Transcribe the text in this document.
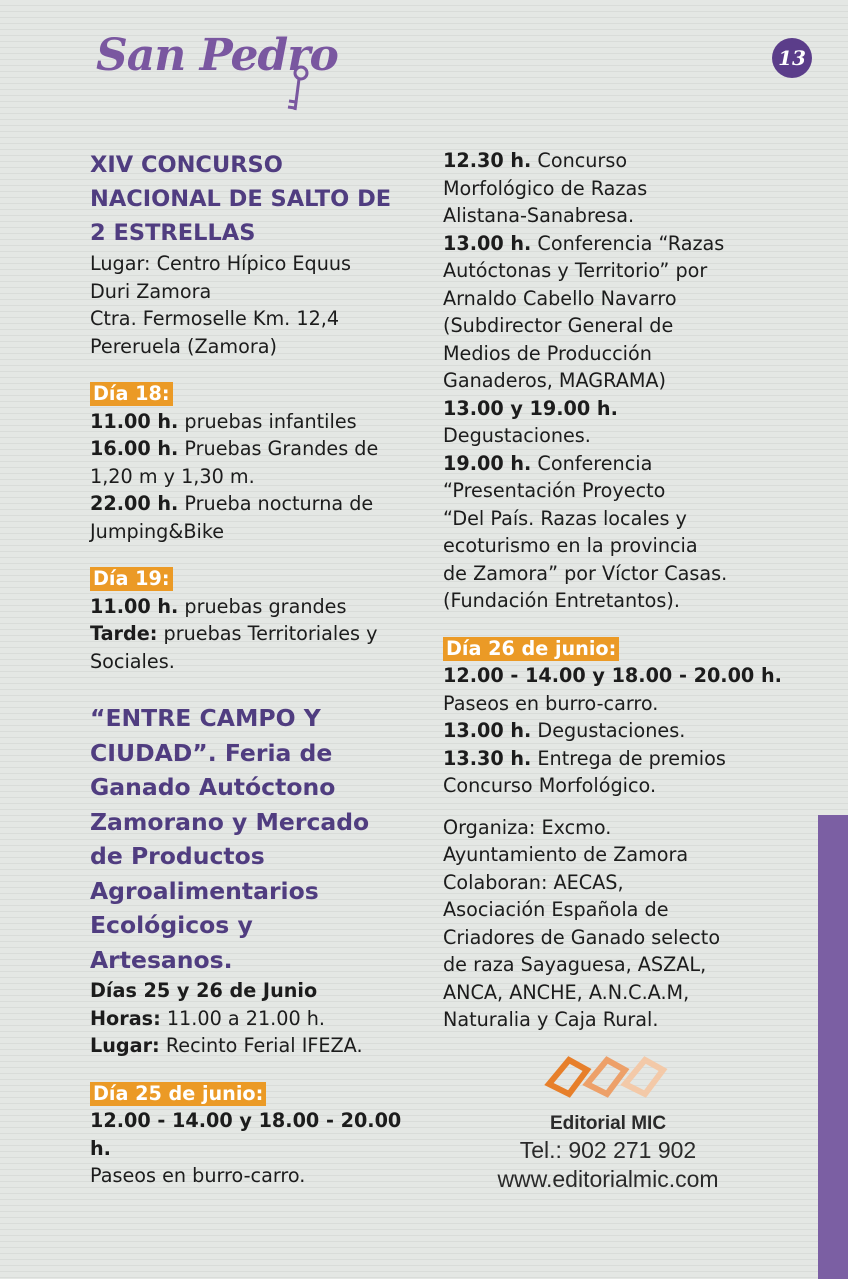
San Pedro	13

XIV CONCURSO

NACIONAL DE SALTO DE

2 ESTRELLAS

Lugar: Centro Hípico Equus

Duri Zamora

Ctra. Fermoselle Km. 12,4

Pereruela (Zamora)

Día 18:

11.00 h. pruebas infantiles

16.00 h. Pruebas Grandes de

1,20 m y 1,30 m.

22.00 h. Prueba nocturna de

Jumping&Bike

Día 19:

11.00 h. pruebas grandes

Tarde: pruebas Territoriales y

Sociales.

“ENTRE CAMPO Y

CIUDAD”. Feria de

Ganado Autóctono

Zamorano y Mercado

de Productos

Agroalimentarios

Ecológicos y

Artesanos.

Días 25 y 26 de Junio

Horas: 11.00 a 21.00 h.

Lugar: Recinto Ferial IFEZA.

Día 25 de junio:

12.00 - 14.00 y 18.00 - 20.00 h.

Paseos en burro-carro.

12.30 h. Concurso

Morfológico de Razas

Alistana-Sanabresa.

13.00 h. Conferencia “Razas

Autóctonas y Territorio” por

Arnaldo Cabello Navarro

(Subdirector General de

Medios de Producción

Ganaderos, MAGRAMA)

13.00 y 19.00 h.

Degustaciones.

19.00 h. Conferencia

“Presentación Proyecto

“Del País. Razas locales y

ecoturismo en la provincia

de Zamora” por Víctor Casas.

(Fundación Entretantos).

Día 26 de junio:

12.00 - 14.00 y 18.00 - 20.00 h.

Paseos en burro-carro.

13.00 h. Degustaciones.

13.30 h. Entrega de premios

Concurso Morfológico.

Organiza: Excmo.

Ayuntamiento de Zamora

Colaboran: AECAS,

Asociación Española de

Criadores de Ganado selecto

de raza Sayaguesa, ASZAL,

ANCA, ANCHE, A.N.C.A.M,

Naturalia y Caja Rural.

Editorial MIC

Tel.: 902 271 902

www.editorialmic.com
